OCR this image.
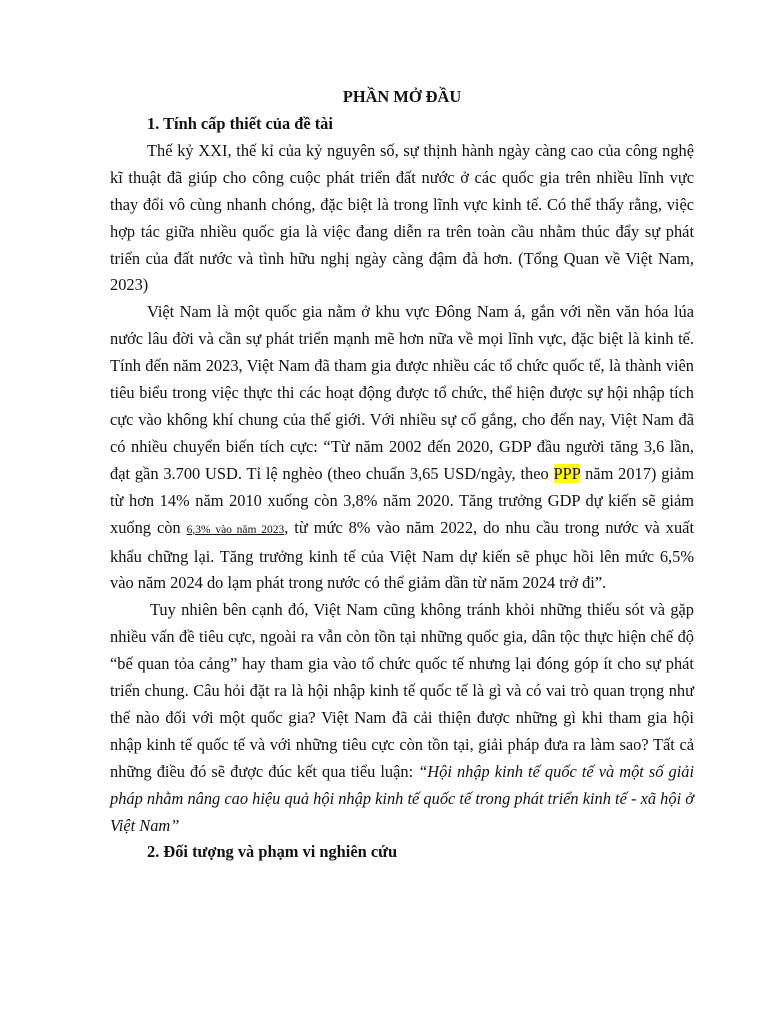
PHẦN MỞ ĐẦU

1. Tính cấp thiết của đề tài

Thế kỷ XXI, thế kỉ của kỷ nguyên số, sự thịnh hành ngày càng cao của công nghệ kĩ thuật đã giúp cho công cuộc phát triển đất nước ở các quốc gia trên nhiều lĩnh vực thay đổi vô cùng nhanh chóng, đặc biệt là trong lĩnh vực kinh tế. Có thể thấy rằng, việc hợp tác giữa nhiều quốc gia là việc đang diễn ra trên toàn cầu nhằm thúc đẩy sự phát triển của đất nước và tình hữu nghị ngày càng đậm đà hơn. (Tổng Quan về Việt Nam, 2023)

Việt Nam là một quốc gia nằm ở khu vực Đông Nam á, gắn với nền văn hóa lúa nước lâu đời và cần sự phát triển mạnh mẽ hơn nữa về mọi lĩnh vực, đặc biệt là kinh tế. Tính đến năm 2023, Việt Nam đã tham gia được nhiều các tổ chức quốc tế, là thành viên tiêu biểu trong việc thực thi các hoạt động được tổ chức, thể hiện được sự hội nhập tích cực vào không khí chung của thế giới. Với nhiều sự cố gắng, cho đến nay, Việt Nam đã có nhiều chuyển biến tích cực: “Từ năm 2002 đến 2020, GDP đầu người tăng 3,6 lần, đạt gần 3.700 USD. Tỉ lệ nghèo (theo chuẩn 3,65 USD/ngày, theo PPP năm 2017) giảm từ hơn 14% năm 2010 xuống còn 3,8% năm 2020. Tăng trưởng GDP dự kiến sẽ giảm xuống còn 6,3% vào năm 2023, từ mức 8% vào năm 2022, do nhu cầu trong nước và xuất khẩu chững lại. Tăng trưởng kinh tế của Việt Nam dự kiến sẽ phục hồi lên mức 6,5% vào năm 2024 do lạm phát trong nước có thể giảm dần từ năm 2024 trở đi”.

Tuy nhiên bên cạnh đó, Việt Nam cũng không tránh khỏi những thiếu sót và gặp nhiều vấn đề tiêu cực, ngoài ra vẫn còn tồn tại những quốc gia, dân tộc thực hiện chế độ “bế quan tỏa cảng” hay tham gia vào tổ chức quốc tế nhưng lại đóng góp ít cho sự phát triển chung. Câu hỏi đặt ra là hội nhập kinh tế quốc tế là gì và có vai trò quan trọng như thế nào đối với một quốc gia? Việt Nam đã cải thiện được những gì khi tham gia hội nhập kinh tế quốc tế và với những tiêu cực còn tồn tại, giải pháp đưa ra làm sao? Tất cả những điều đó sẽ được đúc kết qua tiểu luận: “Hội nhập kinh tế quốc tế và một số giải pháp nhằm nâng cao hiệu quả hội nhập kinh tế quốc tế trong phát triển kinh tế - xã hội ở Việt Nam”

2. Đối tượng và phạm vi nghiên cứu
